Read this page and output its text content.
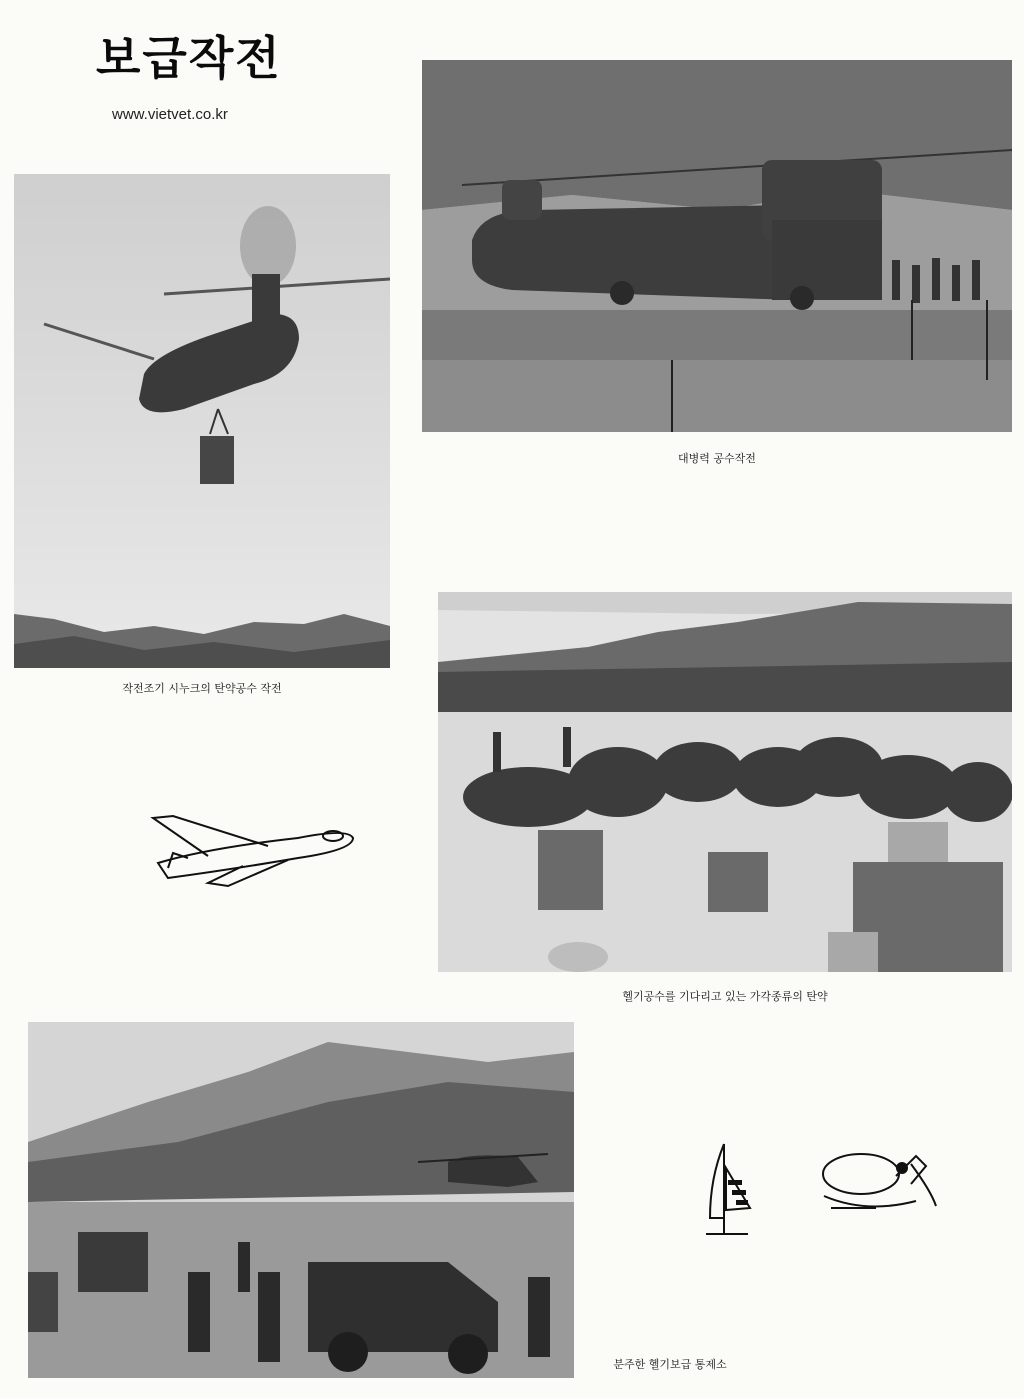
보급작전
www.vietvet.co.kr
작전조기 시누크의 탄약공수 작전
대병력 공수작전
헬기공수를 기다리고 있는 가각종류의 탄약
분주한 헬기보급 통제소
